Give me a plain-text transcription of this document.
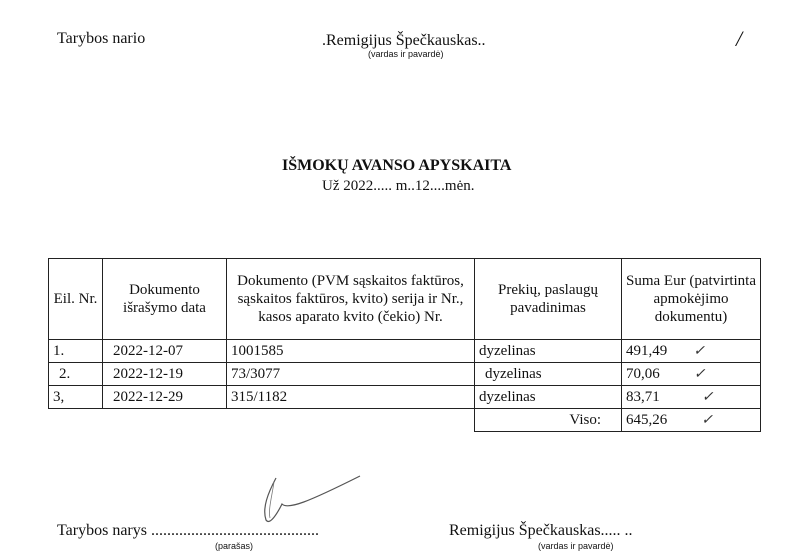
Tarybos nario	.Remigijus Špečkauskas..
(vardas ir pavardė)
/
IŠMOKŲ AVANSO APYSKAITA
Už 2022..... m..12....mėn.
Eil. Nr.	Dokumento išrašymo data	Dokumento (PVM sąskaitos faktūros, sąskaitos faktūros, kvito) serija ir Nr., kasos aparato kvito (čekio) Nr.	Prekių, paslaugų pavadinimas	Suma Eur (patvirtinta apmokėjimo dokumentu)
1.	2022-12-07	1001585	dyzelinas	491,49 ✓
2.	2022-12-19	73/3077	dyzelinas	70,06 ✓
3,	2022-12-29	315/1182	dyzelinas	83,71 ✓
			Viso:	645,26 ✓
Tarybos narys ..........................................
(parašas)
Remigijus Špečkauskas..... ..
(vardas ir pavardė)
